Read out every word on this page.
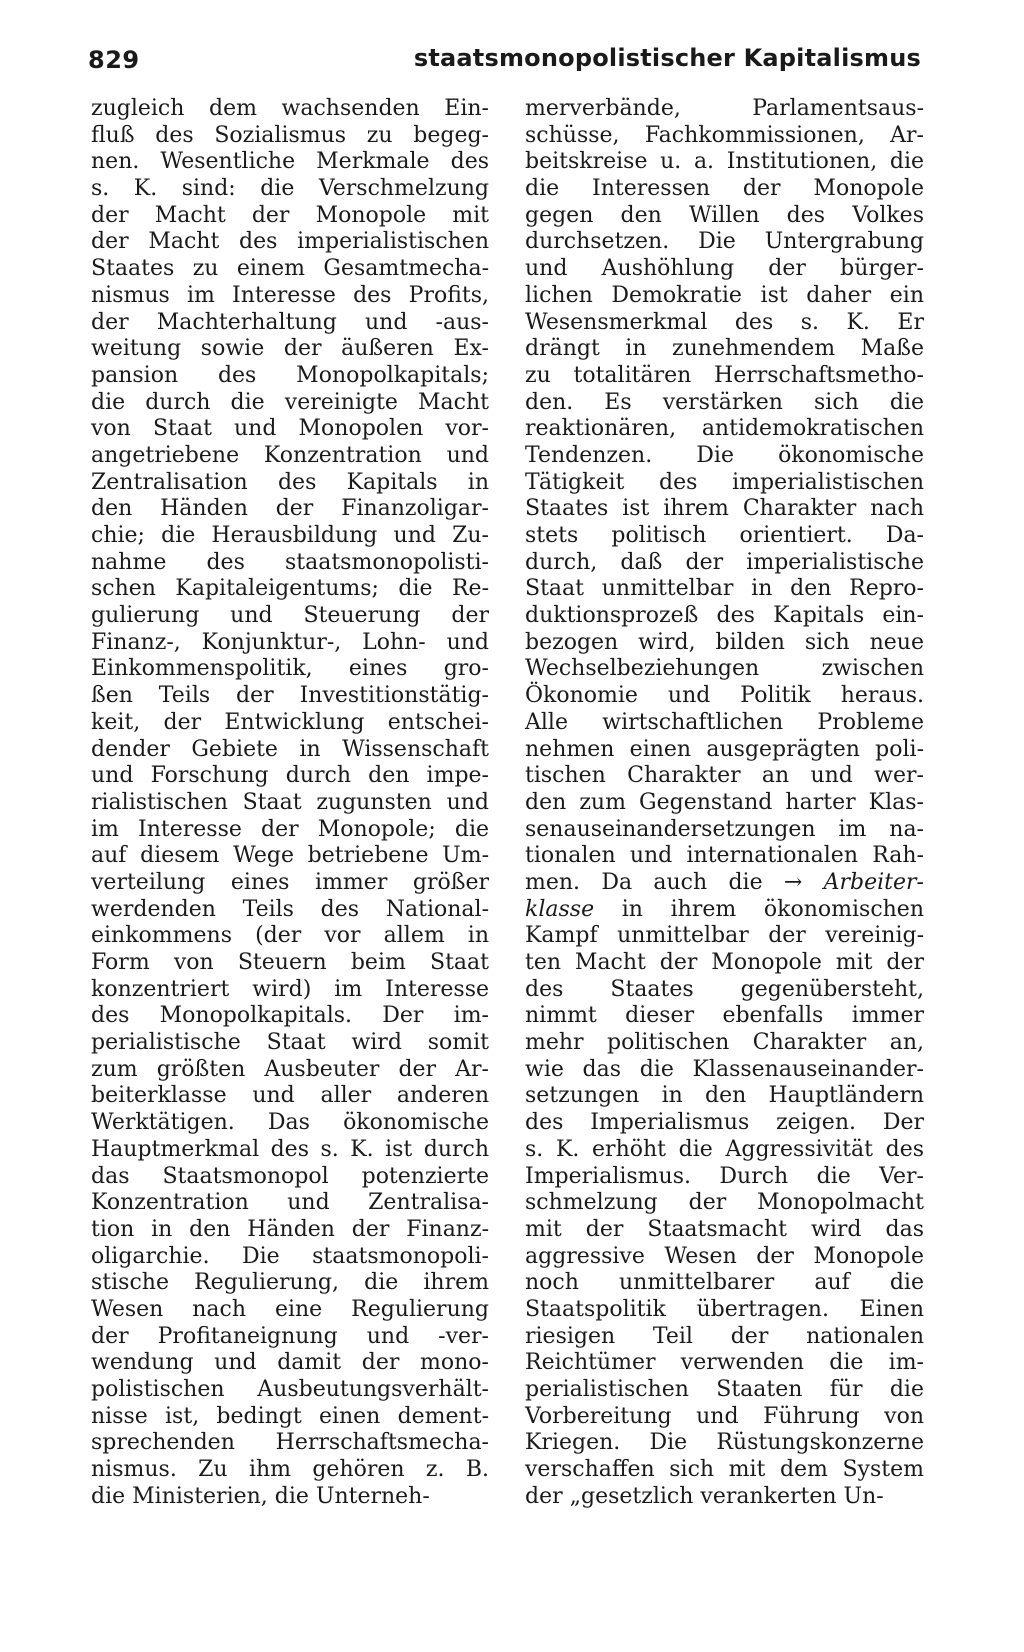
829	staatsmonopolistischer Kapitalismus
zugleich dem wachsenden Ein-
fluß des Sozialismus zu begeg-
nen. Wesentliche Merkmale des
s. K. sind: die Verschmelzung
der Macht der Monopole mit
der Macht des imperialistischen
Staates zu einem Gesamtmecha-
nismus im Interesse des Profits,
der Machterhaltung und -aus-
weitung sowie der äußeren Ex-
pansion des Monopolkapitals;
die durch die vereinigte Macht
von Staat und Monopolen vor-
angetriebene Konzentration und
Zentralisation des Kapitals in
den Händen der Finanzoligar-
chie; die Herausbildung und Zu-
nahme des staatsmonopolisti-
schen Kapitaleigentums; die Re-
gulierung und Steuerung der
Finanz-, Konjunktur-, Lohn- und
Einkommenspolitik, eines gro-
ßen Teils der Investitionstätig-
keit, der Entwicklung entschei-
dender Gebiete in Wissenschaft
und Forschung durch den impe-
rialistischen Staat zugunsten und
im Interesse der Monopole; die
auf diesem Wege betriebene Um-
verteilung eines immer größer
werdenden Teils des National-
einkommens (der vor allem in
Form von Steuern beim Staat
konzentriert wird) im Interesse
des Monopolkapitals. Der im-
perialistische Staat wird somit
zum größten Ausbeuter der Ar-
beiterklasse und aller anderen
Werktätigen. Das ökonomische
Hauptmerkmal des s. K. ist durch
das Staatsmonopol potenzierte
Konzentration und Zentralisa-
tion in den Händen der Finanz-
oligarchie. Die staatsmonopoli-
stische Regulierung, die ihrem
Wesen nach eine Regulierung
der Profitaneignung und -ver-
wendung und damit der mono-
polistischen Ausbeutungsverhält-
nisse ist, bedingt einen dement-
sprechenden Herrschaftsmecha-
nismus. Zu ihm gehören z. B.
die Ministerien, die Unterneh-
merverbände, Parlamentsaus-
schüsse, Fachkommissionen, Ar-
beitskreise u. a. Institutionen, die
die Interessen der Monopole
gegen den Willen des Volkes
durchsetzen. Die Untergrabung
und Aushöhlung der bürger-
lichen Demokratie ist daher ein
Wesensmerkmal des s. K. Er
drängt in zunehmendem Maße
zu totalitären Herrschaftsmetho-
den. Es verstärken sich die
reaktionären, antidemokratischen
Tendenzen. Die ökonomische
Tätigkeit des imperialistischen
Staates ist ihrem Charakter nach
stets politisch orientiert. Da-
durch, daß der imperialistische
Staat unmittelbar in den Repro-
duktionsprozeß des Kapitals ein-
bezogen wird, bilden sich neue
Wechselbeziehungen zwischen
Ökonomie und Politik heraus.
Alle wirtschaftlichen Probleme
nehmen einen ausgeprägten poli-
tischen Charakter an und wer-
den zum Gegenstand harter Klas-
senauseinandersetzungen im na-
tionalen und internationalen Rah-
men. Da auch die → Arbeiter-
klasse in ihrem ökonomischen
Kampf unmittelbar der vereinig-
ten Macht der Monopole mit der
des Staates gegenübersteht,
nimmt dieser ebenfalls immer
mehr politischen Charakter an,
wie das die Klassenauseinander-
setzungen in den Hauptländern
des Imperialismus zeigen. Der
s. K. erhöht die Aggressivität des
Imperialismus. Durch die Ver-
schmelzung der Monopolmacht
mit der Staatsmacht wird das
aggressive Wesen der Monopole
noch unmittelbarer auf die
Staatspolitik übertragen. Einen
riesigen Teil der nationalen
Reichtümer verwenden die im-
perialistischen Staaten für die
Vorbereitung und Führung von
Kriegen. Die Rüstungskonzerne
verschaffen sich mit dem System
der „gesetzlich verankerten Un-
